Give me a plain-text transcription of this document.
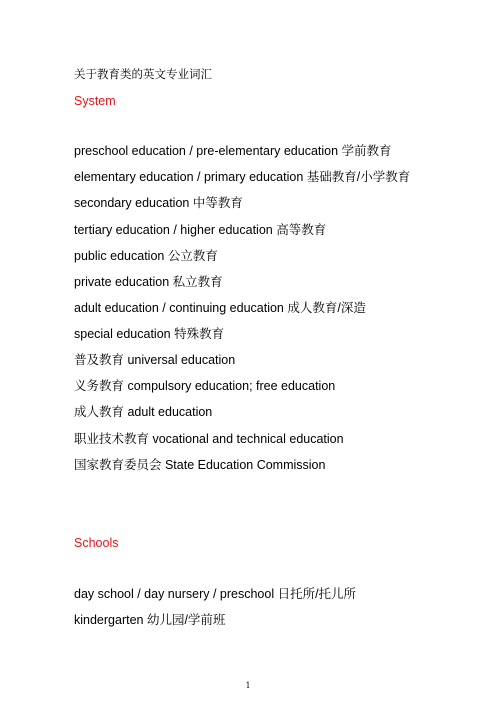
关于教育类的英文专业词汇
System
preschool education / pre-elementary education 学前教育
elementary education / primary education 基础教育/小学教育
secondary education 中等教育
tertiary education / higher education 高等教育
public education 公立教育
private education 私立教育
adult education / continuing education 成人教育/深造
special education 特殊教育
普及教育 universal education
义务教育 compulsory education; free education
成人教育 adult education
职业技术教育 vocational and technical education
国家教育委员会 State Education Commission
Schools
day school / day nursery / preschool 日托所/托儿所
kindergarten 幼儿园/学前班
1
